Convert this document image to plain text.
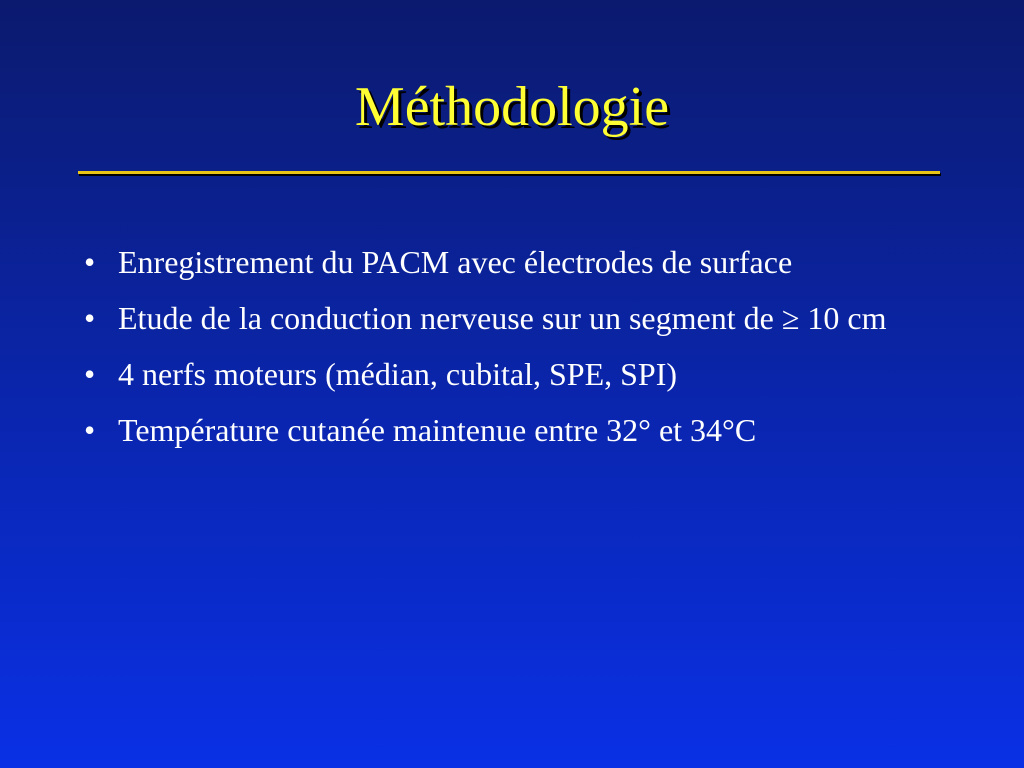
Méthodologie
• Enregistrement du PACM avec électrodes de surface
• Etude de la conduction nerveuse sur un segment de ≥ 10 cm
• 4 nerfs moteurs (médian, cubital, SPE, SPI)
• Température cutanée maintenue entre 32° et 34°C
